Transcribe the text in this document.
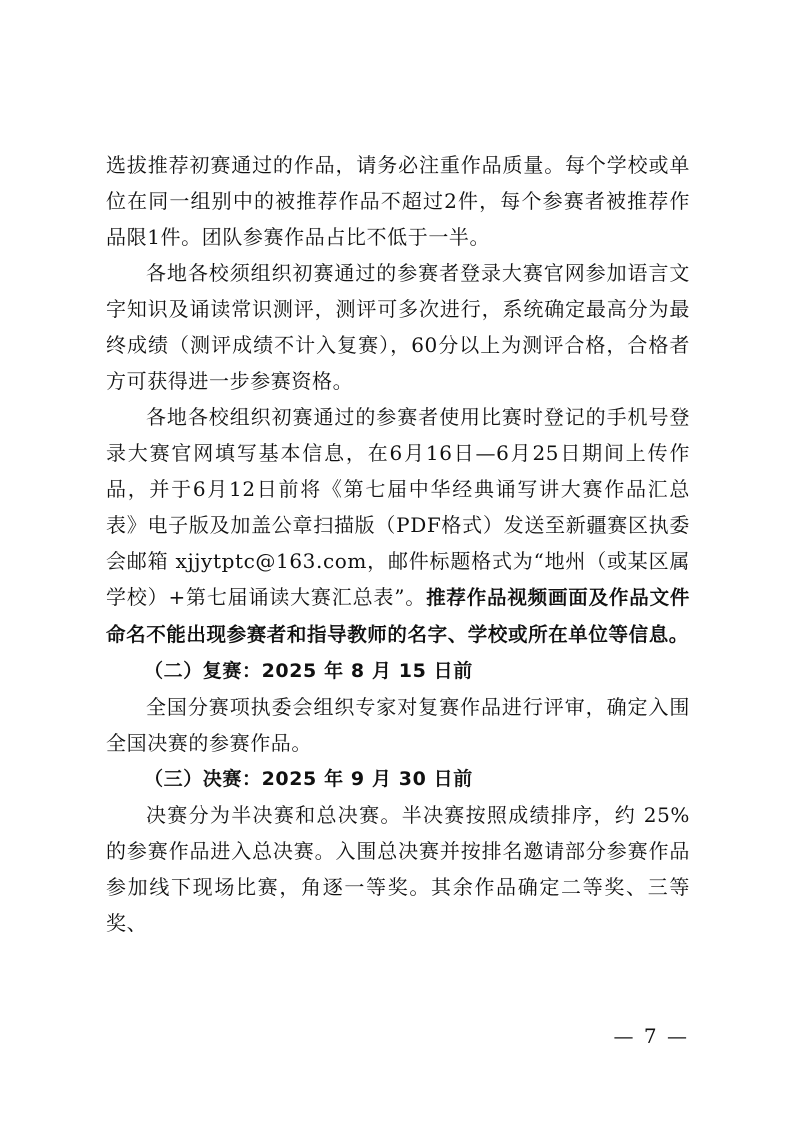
选拔推荐初赛通过的作品，请务必注重作品质量。每个学校或单位在同一组别中的被推荐作品不超过2件，每个参赛者被推荐作品限1件。团队参赛作品占比不低于一半。

各地各校须组织初赛通过的参赛者登录大赛官网参加语言文字知识及诵读常识测评，测评可多次进行，系统确定最高分为最终成绩（测评成绩不计入复赛），60分以上为测评合格，合格者方可获得进一步参赛资格。

各地各校组织初赛通过的参赛者使用比赛时登记的手机号登录大赛官网填写基本信息，在6月16日—6月25日期间上传作品，并于6月12日前将《第七届中华经典诵写讲大赛作品汇总表》电子版及加盖公章扫描版（PDF格式）发送至新疆赛区执委会邮箱 xjjytptc@163.com，邮件标题格式为“地州（或某区属学校）+第七届诵读大赛汇总表”。推荐作品视频画面及作品文件命名不能出现参赛者和指导教师的名字、学校或所在单位等信息。

（二）复赛：2025 年 8 月 15 日前

全国分赛项执委会组织专家对复赛作品进行评审，确定入围全国决赛的参赛作品。

（三）决赛：2025 年 9 月 30 日前

决赛分为半决赛和总决赛。半决赛按照成绩排序，约 25%的参赛作品进入总决赛。入围总决赛并按排名邀请部分参赛作品参加线下现场比赛，角逐一等奖。其余作品确定二等奖、三等奖、

— 7 —
